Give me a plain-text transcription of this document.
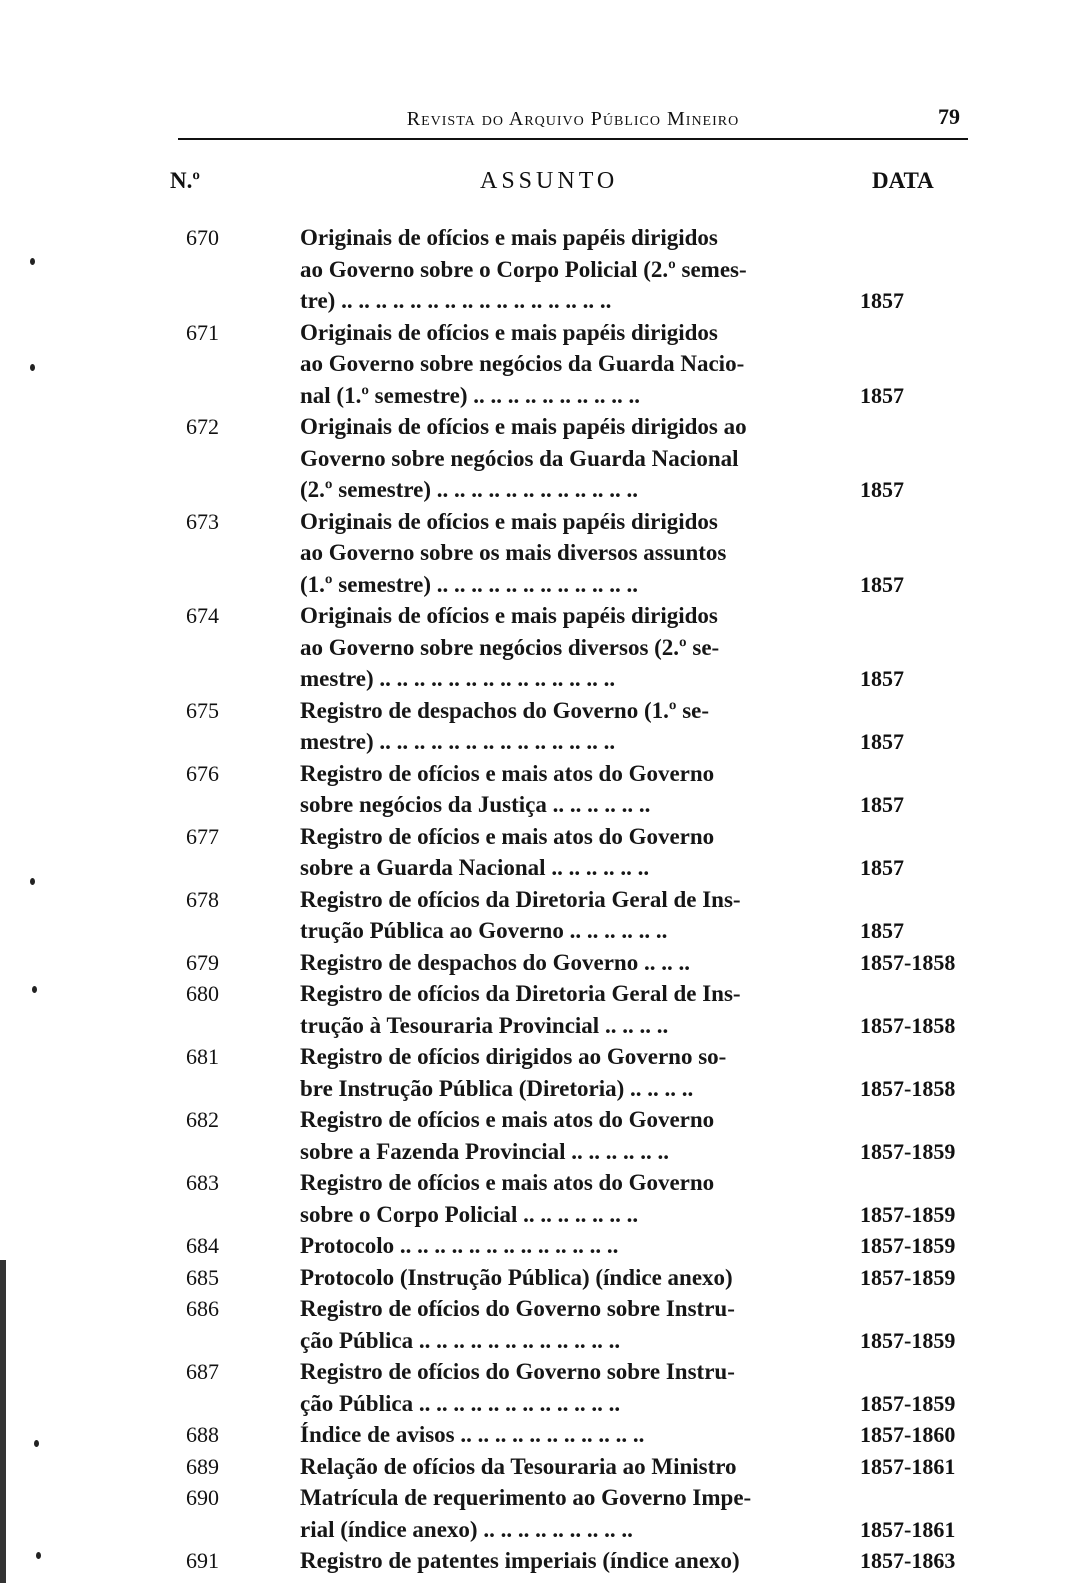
Revista do Arquivo Público Mineiro	79
N.º	ASSUNTO	DATA
670	Originais de ofícios e mais papéis dirigidos
ao Governo sobre o Corpo Policial (2.º semes-
tre) .. .. .. .. .. .. .. .. .. .. .. .. .. .. .. ..	1857
671	Originais de ofícios e mais papéis dirigidos
ao Governo sobre negócios da Guarda Nacio-
nal (1.º semestre) .. .. .. .. .. .. .. .. .. ..	1857
672	Originais de ofícios e mais papéis dirigidos ao
Governo sobre negócios da Guarda Nacional
(2.º semestre) .. .. .. .. .. .. .. .. .. .. .. ..	1857
673	Originais de ofícios e mais papéis dirigidos
ao Governo sobre os mais diversos assuntos
(1.º semestre) .. .. .. .. .. .. .. .. .. .. .. ..	1857
674	Originais de ofícios e mais papéis dirigidos
ao Governo sobre negócios diversos (2.º se-
mestre) .. .. .. .. .. .. .. .. .. .. .. .. .. ..	1857
675	Registro de despachos do Governo (1.º se-
mestre) .. .. .. .. .. .. .. .. .. .. .. .. .. ..	1857
676	Registro de ofícios e mais atos do Governo
sobre negócios da Justiça .. .. .. .. .. ..	1857
677	Registro de ofícios e mais atos do Governo
sobre a Guarda Nacional .. .. .. .. .. ..	1857
678	Registro de ofícios da Diretoria Geral de Ins-
trução Pública ao Governo .. .. .. .. .. ..	1857
679	Registro de despachos do Governo .. .. ..	1857-1858
680	Registro de ofícios da Diretoria Geral de Ins-
trução à Tesouraria Provincial .. .. .. ..	1857-1858
681	Registro de ofícios dirigidos ao Governo so-
bre Instrução Pública (Diretoria) .. .. .. ..	1857-1858
682	Registro de ofícios e mais atos do Governo
sobre a Fazenda Provincial .. .. .. .. .. ..	1857-1859
683	Registro de ofícios e mais atos do Governo
sobre o Corpo Policial .. .. .. .. .. .. ..	1857-1859
684	Protocolo .. .. .. .. .. .. .. .. .. .. .. .. ..	1857-1859
685	Protocolo (Instrução Pública) (índice anexo)	1857-1859
686	Registro de ofícios do Governo sobre Instru-
ção Pública .. .. .. .. .. .. .. .. .. .. .. ..	1857-1859
687	Registro de ofícios do Governo sobre Instru-
ção Pública .. .. .. .. .. .. .. .. .. .. .. ..	1857-1859
688	Índice de avisos .. .. .. .. .. .. .. .. .. .. ..	1857-1860
689	Relação de ofícios da Tesouraria ao Ministro	1857-1861
690	Matrícula de requerimento ao Governo Impe-
rial (índice anexo) .. .. .. .. .. .. .. .. ..	1857-1861
691	Registro de patentes imperiais (índice anexo)	1857-1863
